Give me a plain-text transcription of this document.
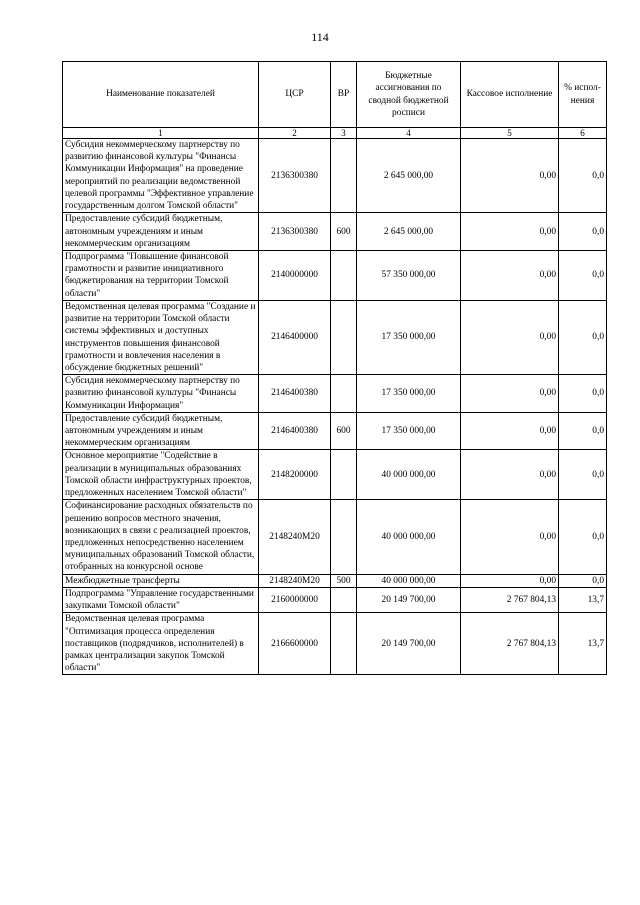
114
Наименование показателей	ЦСР	ВР	Бюджетные ассигнования по сводной бюджетной росписи	Кассовое исполнение	% испол-нения
1	2	3	4	5	6
Субсидия некоммерческому партнерству по развитию финансовой культуры "Финансы Коммуникации Информация" на проведение мероприятий по реализации ведомственной целевой программы "Эффективное управление государственным долгом Томской области"	2136300380		2 645 000,00	0,00	0,0
Предоставление субсидий бюджетным, автономным учреждениям и иным некоммерческим организациям	2136300380	600	2 645 000,00	0,00	0,0
Подпрограмма "Повышение финансовой грамотности и развитие инициативного бюджетирования на территории Томской области"	2140000000		57 350 000,00	0,00	0,0
Ведомственная целевая программа "Создание и развитие на территории Томской области системы эффективных и доступных инструментов повышения финансовой грамотности и вовлечения населения в обсуждение бюджетных решений"	2146400000		17 350 000,00	0,00	0,0
Субсидия некоммерческому партнерству по развитию финансовой культуры "Финансы Коммуникации Информация"	2146400380		17 350 000,00	0,00	0,0
Предоставление субсидий бюджетным, автономным учреждениям и иным некоммерческим организациям	2146400380	600	17 350 000,00	0,00	0,0
Основное мероприятие "Содействие в реализации в муниципальных образованиях Томской области инфраструктурных проектов, предложенных населением Томской области"	2148200000		40 000 000,00	0,00	0,0
Софинансирование расходных обязательств по решению вопросов местного значения, возникающих в связи с реализацией проектов, предложенных непосредственно населением муниципальных образований Томской области, отобранных на конкурсной основе	2148240M20		40 000 000,00	0,00	0,0
Межбюджетные трансферты	2148240M20	500	40 000 000,00	0,00	0,0
Подпрограмма "Управление государственными закупками Томской области"	2160000000		20 149 700,00	2 767 804,13	13,7
Ведомственная целевая программа "Оптимизация процесса определения поставщиков (подрядчиков, исполнителей) в рамках централизации закупок Томской области"	2166600000		20 149 700,00	2 767 804,13	13,7
